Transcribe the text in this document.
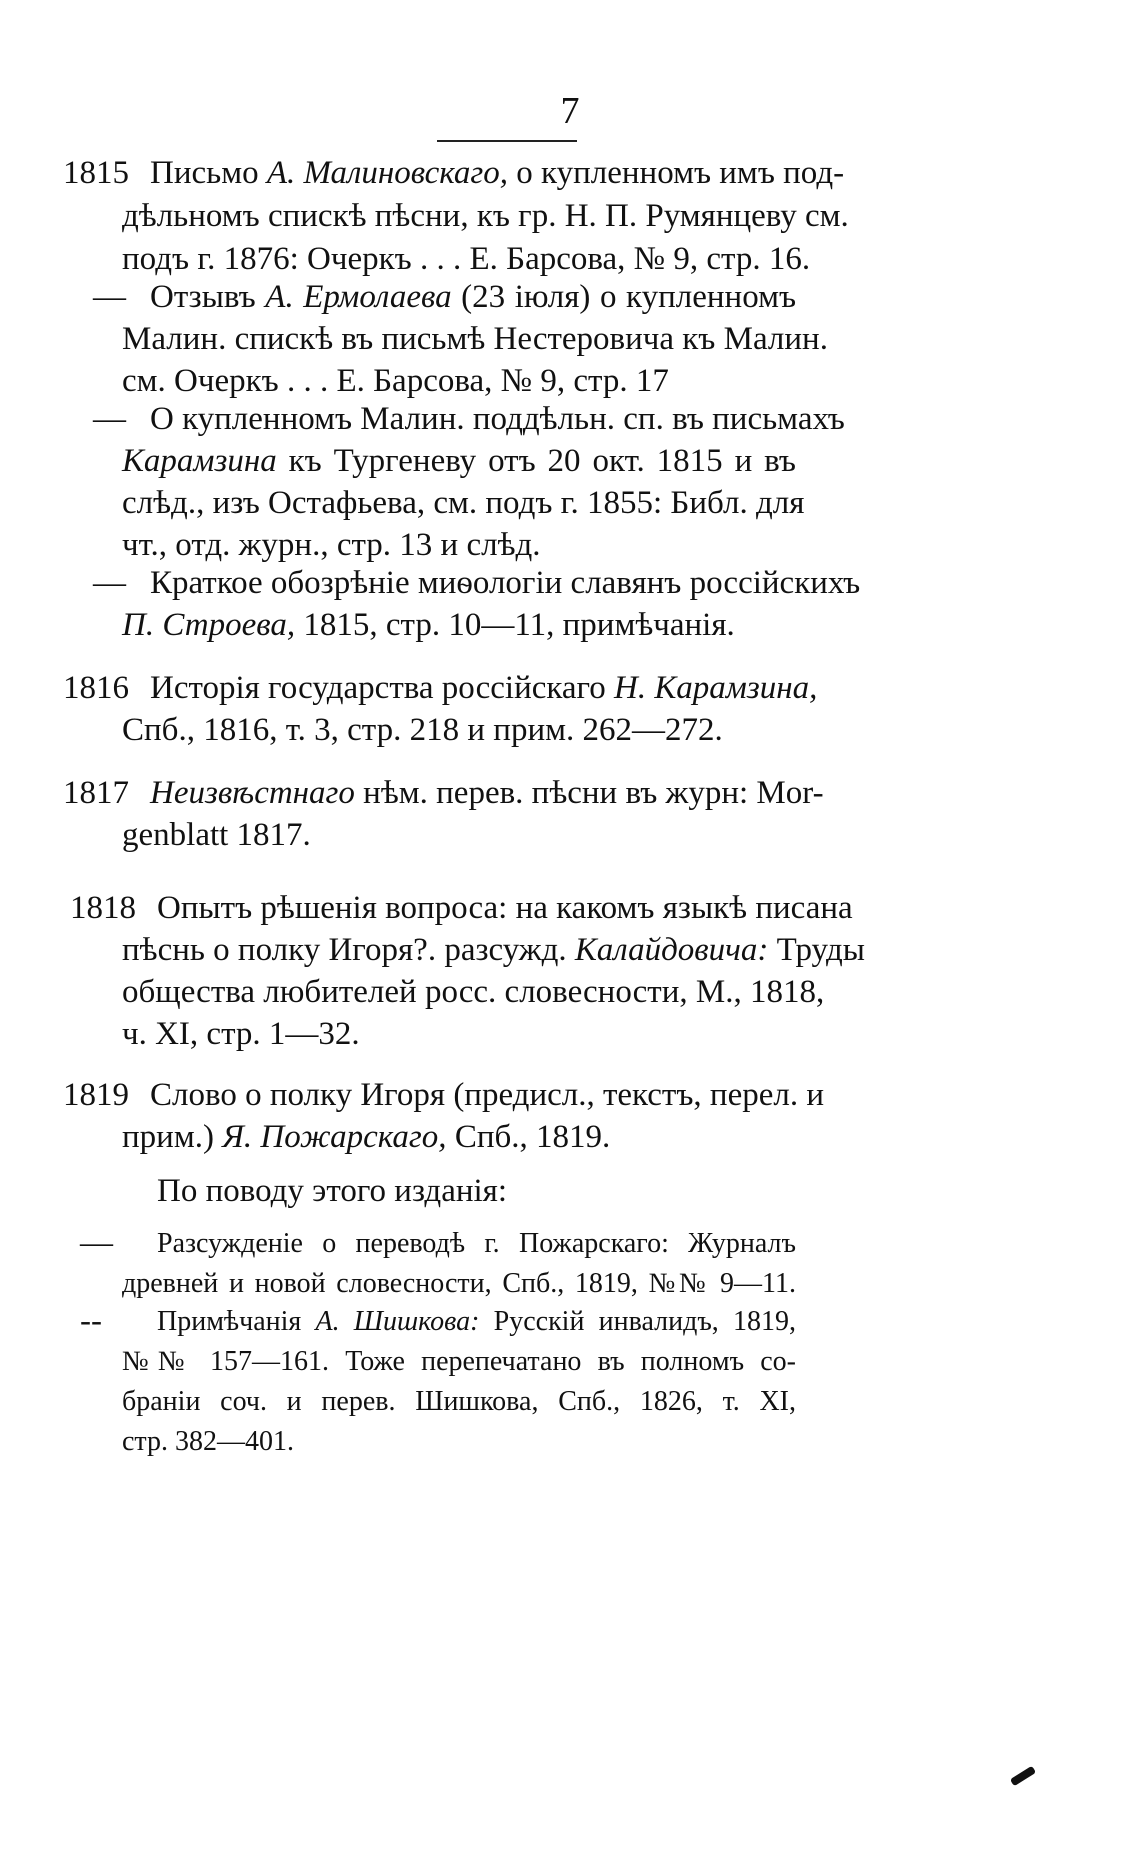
7
1815 Письмо А. Малиновскаго, о купленномъ имъ под-
дѣльномъ спискѣ пѣсни, къ гр. Н. П. Румянцеву см.
подъ г. 1876: Очеркъ . . . Е. Барсова, № 9, стр. 16.
— Отзывъ А. Ермолаева (23 іюля) о купленномъ
Малин. спискѣ въ письмѣ Нестеровича къ Малин.
см. Очеркъ . . . Е. Барсова, № 9, стр. 17
— О купленномъ Малин. поддѣльн. сп. въ письмахъ
Карамзина къ Тургеневу отъ 20 окт. 1815 и въ
слѣд., изъ Остафьева, см. подъ г. 1855: Библ. для
чт., отд. журн., стр. 13 и слѣд.
— Краткое обозрѣніе миѳологіи славянъ россійскихъ
П. Строева, 1815, стр. 10—11, примѣчанія.
1816 Исторія государства россійскаго Н. Карамзина,
Спб., 1816, т. 3, стр. 218 и прим. 262—272.
1817 Неизвѣстнаго нѣм. перев. пѣсни въ журн: Mor-
genblatt 1817.
1818 Опытъ рѣшенія вопроса: на какомъ языкѣ писана
пѣснь о полку Игоря?. разсужд. Калайдовича: Труды
общества любителей росс. словесности, М., 1818,
ч. XI, стр. 1—32.
1819 Слово о полку Игоря (предисл., текстъ, перел. и
прим.) Я. Пожарскаго, Спб., 1819.
По поводу этого изданія:
— Разсужденіе о переводѣ г. Пожарскаго: Журналъ
древней и новой словесности, Спб., 1819, №№ 9—11.
-- Примѣчанія А. Шишкова: Русскій инвалидъ, 1819,
№№ 157—161. Тоже перепечатано въ полномъ со-
браніи соч. и перев. Шишкова, Спб., 1826, т. XI,
стр. 382—401.
